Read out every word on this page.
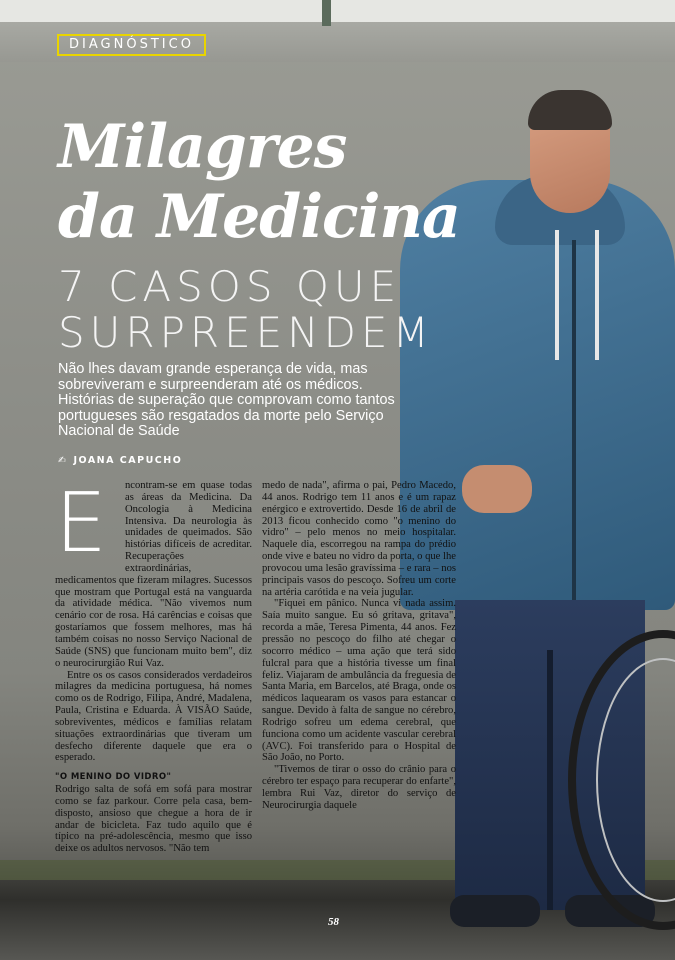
DIAGNÓSTICO
Milagres
da Medicina
7 CASOS QUE
SURPREENDEM
Não lhes davam grande esperança de vida, mas sobreviveram e surpreenderam até os médicos. Histórias de superação que comprovam como tantos portugueses são resgatados da morte pelo Serviço Nacional de Saúde
✍ JOANA CAPUCHO

E	ncontram-se em quase todas as áreas da Medicina. Da Oncologia à Medicina Intensiva. Da neurologia às unidades de queimados. São histórias difíceis de acreditar. Recuperações extraordinárias, medicamentos que fizeram milagres. Sucessos que mostram que Portugal está na vanguarda da atividade médica. "Não vivemos num cenário cor de rosa. Há carências e coisas que gostaríamos que fossem melhores, mas há também coisas no nosso Serviço Nacional de Saúde (SNS) que funcionam muito bem", diz o neurocirurgião Rui Vaz.

Entre os os casos considerados verdadeiros milagres da medicina portuguesa, há nomes como os de Rodrigo, Filipa, André, Madalena, Paula, Cristina e Eduarda. À VISÃO Saúde, sobreviventes, médicos e famílias relatam situações extraordinárias que tiveram um desfecho diferente daquele que era o esperado.

"O MENINO DO VIDRO"

Rodrigo salta de sofá em sofá para mostrar como se faz parkour. Corre pela casa, bem-disposto, ansioso que chegue a hora de ir andar de bicicleta. Faz tudo aquilo que é típico na pré-adolescência, mesmo que isso deixe os adultos nervosos. "Não tem

medo de nada", afirma o pai, Pedro Macedo, 44 anos. Rodrigo tem 11 anos e é um rapaz enérgico e extrovertido. Desde 16 de abril de 2013 ficou conhecido como "o menino do vidro" – pelo menos no meio hospitalar. Naquele dia, escorregou na rampa do prédio onde vive e bateu no vidro da porta, o que lhe provocou uma lesão gravíssima – e rara – nos principais vasos do pescoço. Sofreu um corte na artéria carótida e na veia jugular.

"Fiquei em pânico. Nunca vi nada assim. Saía muito sangue. Eu só gritava, gritava", recorda a mãe, Teresa Pimenta, 44 anos. Fez pressão no pescoço do filho até chegar o socorro médico – uma ação que terá sido fulcral para que a história tivesse um final feliz. Viajaram de ambulância da freguesia de Santa Maria, em Barcelos, até Braga, onde os médicos laquearam os vasos para estancar o sangue. Devido à falta de sangue no cérebro, Rodrigo sofreu um edema cerebral, que funciona como um acidente vascular cerebral (AVC). Foi transferido para o Hospital de São João, no Porto.

"Tivemos de tirar o osso do crânio para o cérebro ter espaço para recuperar do enfarte", lembra Rui Vaz, diretor do serviço de Neurocirurgia daquele

58
